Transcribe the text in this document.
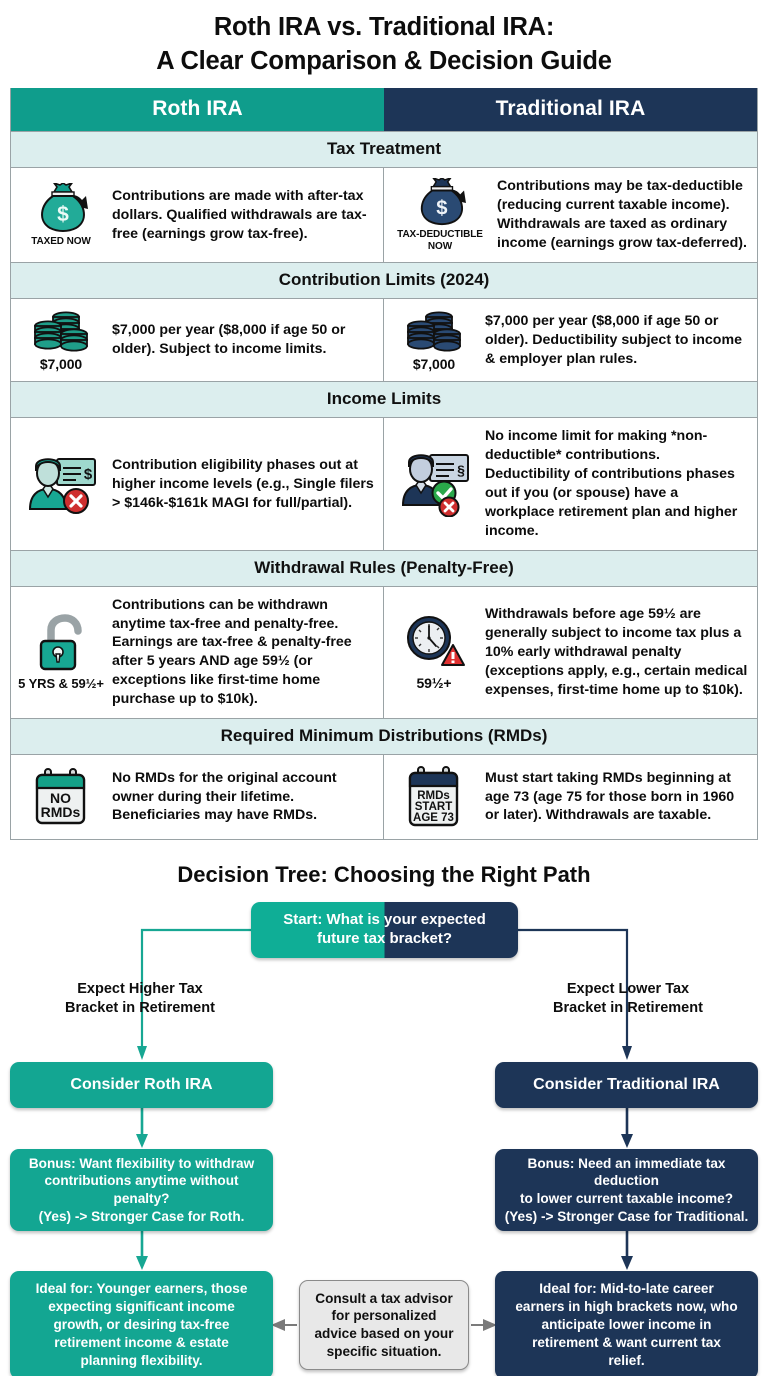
Roth IRA vs. Traditional IRA:
A Clear Comparison & Decision Guide
Roth IRA	Traditional IRA
Tax Treatment
$
TAXED NOW
Contributions are made with after-tax dollars. Qualified withdrawals are tax-free (earnings grow tax-free).
$
TAX-DEDUCTIBLE NOW
Contributions may be tax-deductible (reducing current taxable income). Withdrawals are taxed as ordinary income (earnings grow tax-deferred).
Contribution Limits (2024)
$7,000
$7,000 per year ($8,000 if age 50 or older). Subject to income limits.
$7,000
$7,000 per year ($8,000 if age 50 or older). Deductibility subject to income & employer plan rules.
Income Limits
$
Contribution eligibility phases out at higher income levels (e.g., Single filers > $146k-$161k MAGI for full/partial).
§
No income limit for making *non-deductible* contributions. Deductibility of contributions phases out if you (or spouse) have a workplace retirement plan and higher income.
Withdrawal Rules (Penalty-Free)
5 YRS & 59½+
Contributions can be withdrawn anytime tax-free and penalty-free. Earnings are tax-free & penalty-free after 5 years AND age 59½ (or exceptions like first-time home purchase up to $10k).
59½+
Withdrawals before age 59½ are generally subject to income tax plus a 10% early withdrawal penalty (exceptions apply, e.g., certain medical expenses, first-time home up to $10k).
Required Minimum Distributions (RMDs)
NO
RMDs
No RMDs for the original account owner during their lifetime. Beneficiaries may have RMDs.
RMDs
START
AGE 73
Must start taking RMDs beginning at age 73 (age 75 for those born in 1960 or later). Withdrawals are taxable.
Decision Tree: Choosing the Right Path
Start: What is your expected
future tax bracket?
Expect Higher Tax
Bracket in Retirement
Expect Lower Tax
Bracket in Retirement
Consider Roth IRA	Consider Traditional IRA
Bonus: Want flexibility to withdraw
contributions anytime without penalty?
(Yes) -> Stronger Case for Roth.
Bonus: Need an immediate tax deduction
to lower current taxable income?
(Yes) -> Stronger Case for Traditional.
Ideal for: Younger earners, those
expecting significant income
growth, or desiring tax-free
retirement income & estate
planning flexibility.
Consult a tax advisor
for personalized
advice based on your
specific situation.
Ideal for: Mid-to-late career
earners in high brackets now, who
anticipate lower income in
retirement & want current tax
relief.
